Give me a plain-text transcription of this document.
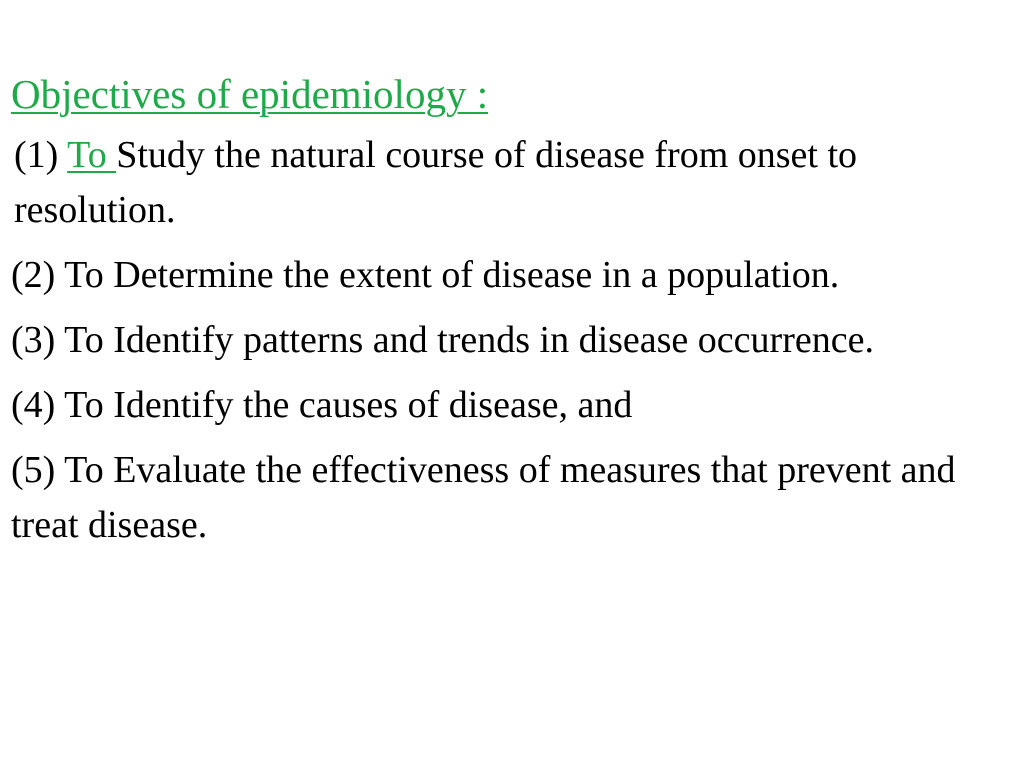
Objectives of epidemiology :

(1) To Study the natural course of disease from onset to resolution.

(2) To Determine the extent of disease in a population.

(3) To Identify patterns and trends in disease occurrence.

(4) To Identify the causes of disease, and

(5) To Evaluate the effectiveness of measures that prevent and treat disease.
